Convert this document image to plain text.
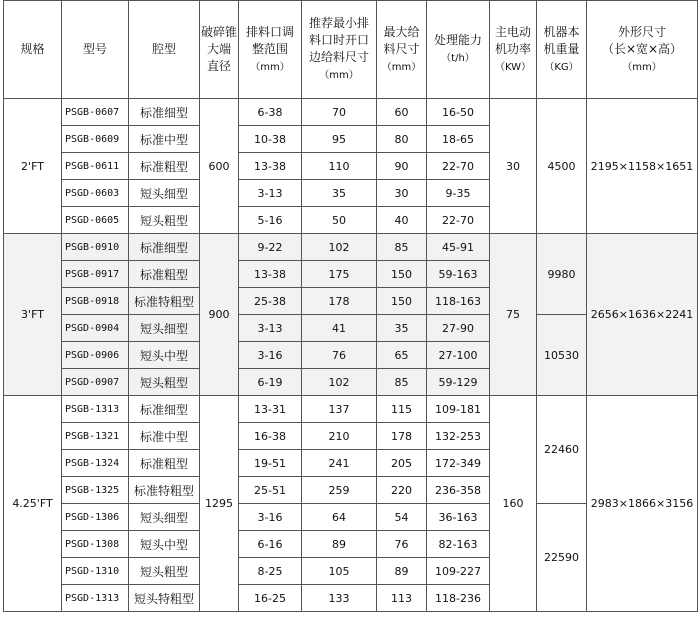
规格	型号	腔型	破碎锥
大端
直径	排料口调
整范围
（mm）	推荐最小排
料口时开口
边给料尺寸
（mm）	最大给
料尺寸
（mm）	处理能力
（t/h）	主电动
机功率
（KW）	机器本
机重量
（KG）	外形尺寸
（长×宽×高）
（mm）
2'FT	PSGB-0607	标准细型	600	6-38	70	60	16-50	30	4500	2195×1158×1651
	PSGB-0609	标准中型		10-38	95	80	18-65			
	PSGB-0611	标准粗型		13-38	110	90	22-70			
	PSGD-0603	短头细型		3-13	35	30	9-35			
	PSGD-0605	短头粗型		5-16	50	40	22-70			
3'FT	PSGB-0910	标准细型	900	9-22	102	85	45-91	75	9980	2656×1636×2241
	PSGB-0917	标准粗型		13-38	175	150	59-163			
	PSGB-0918	标准特粗型		25-38	178	150	118-163			
	PSGD-0904	短头细型		3-13	41	35	27-90		10530	
	PSGD-0906	短头中型		3-16	76	65	27-100			
	PSGD-0907	短头粗型		6-19	102	85	59-129			
4.25'FT	PSGB-1313	标准细型	1295	13-31	137	115	109-181	160	22460	2983×1866×3156
	PSGB-1321	标准中型		16-38	210	178	132-253			
	PSGB-1324	标准粗型		19-51	241	205	172-349			
	PSGB-1325	标准特粗型		25-51	259	220	236-358			
	PSGD-1306	短头细型		3-16	64	54	36-163		22590	
	PSGD-1308	短头中型		6-16	89	76	82-163			
	PSGD-1310	短头粗型		8-25	105	89	109-227			
	PSGD-1313	短头特粗型		16-25	133	113	118-236			
